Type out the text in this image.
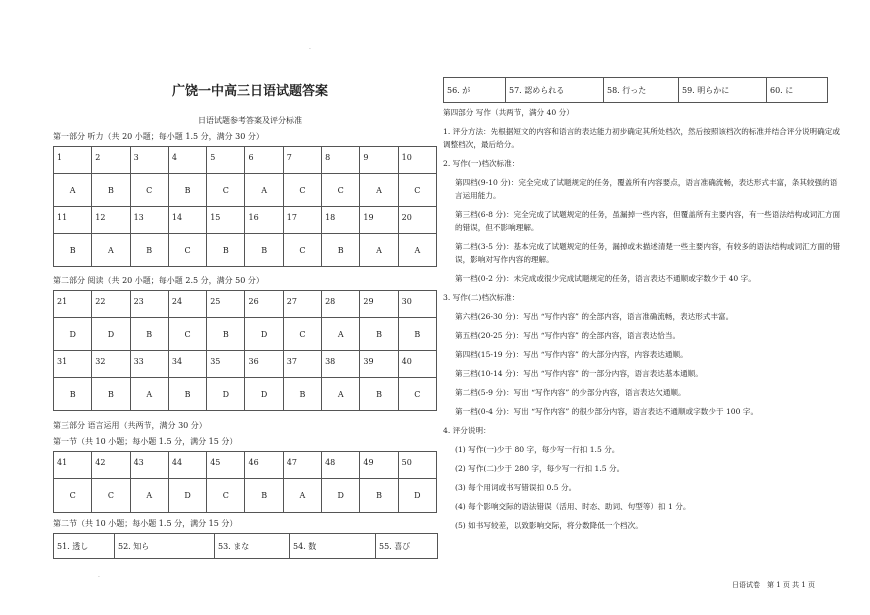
.
.
广饶一中高三日语试题答案
日语试题参考答案及评分标准
第一部分 听力（共 20 小题；每小题 1.5 分，满分 30 分）
1	2	3	4	5	6	7	8	9	10
A	B	C	B	C	A	C	C	A	C
11	12	13	14	15	16	17	18	19	20
B	A	B	C	B	B	C	B	A	A
第二部分 阅读（共 20 小题；每小题 2.5 分，满分 50 分）
21	22	23	24	25	26	27	28	29	30
D	D	B	C	B	D	C	A	B	B
31	32	33	34	35	36	37	38	39	40
B	B	A	B	D	D	B	A	B	C
第三部分 语言运用（共两节，满分 30 分）
第一节（共 10 小题；每小题 1.5 分，满分 15 分）
41	42	43	44	45	46	47	48	49	50
C	C	A	D	C	B	A	D	B	D
第二节（共 10 小题；每小题 1.5 分，满分 15 分）
51. 透し	52. 知ら	53. まな	54. 数	55. 喜び
56. が	57. 認められる	58. 行った	59. 明らかに	60. に

第四部分 写作（共两节，满分 40 分）

1. 评分方法：先根据短文的内容和语言的表达能力初步确定其所处档次，然后按照该档次的标准并结合评分说明确定或调整档次，最后给分。

2. 写作(一)档次标准：

第四档(9-10 分)：完全完成了试题规定的任务，覆盖所有内容要点，语言准确流畅，表达形式丰富，条其较强的语言运用能力。

第三档(6-8 分)：完全完成了试题规定的任务，虽漏掉一些内容，但覆盖所有主要内容，有一些语法结构或词汇方面的错误，但不影响理解。

第二档(3-5 分)：基本完成了试题规定的任务，漏掉或未描述清楚一些主要内容，有较多的语法结构或词汇方面的错误，影响对写作内容的理解。

第一档(0-2 分)：未完成或很少完成试题规定的任务，语言表达不通顺或字数少于 40 字。

3. 写作(二)档次标准：

第六档(26-30 分)：写出 “写作内容” 的全部内容，语言准确流畅，表达形式丰富。

第五档(20-25 分)：写出 “写作内容” 的全部内容，语言表达恰当。

第四档(15-19 分)：写出 “写作内容” 的大部分内容，内容表达通顺。

第三档(10-14 分)：写出 “写作内容” 的一部分内容，语言表达基本通顺。

第二档(5-9 分)：写出 “写作内容” 的少部分内容，语言表达欠通顺。

第一档(0-4 分)：写出 “写作内容” 的很少部分内容，语言表达不通顺或字数少于 100 字。

4. 评分说明：

(1) 写作(一)少于 80 字，每少写一行扣 1.5 分。

(2) 写作(二)少于 280 字，每少写一行扣 1.5 分。

(3) 每个用词或书写错误扣 0.5 分。

(4) 每个影响交际的语法错误（活用、时态、助词、句型等）扣 1 分。

(5) 如书写较差，以致影响交际，将分数降低一个档次。

日语试卷　第 1 页 共 1 页
